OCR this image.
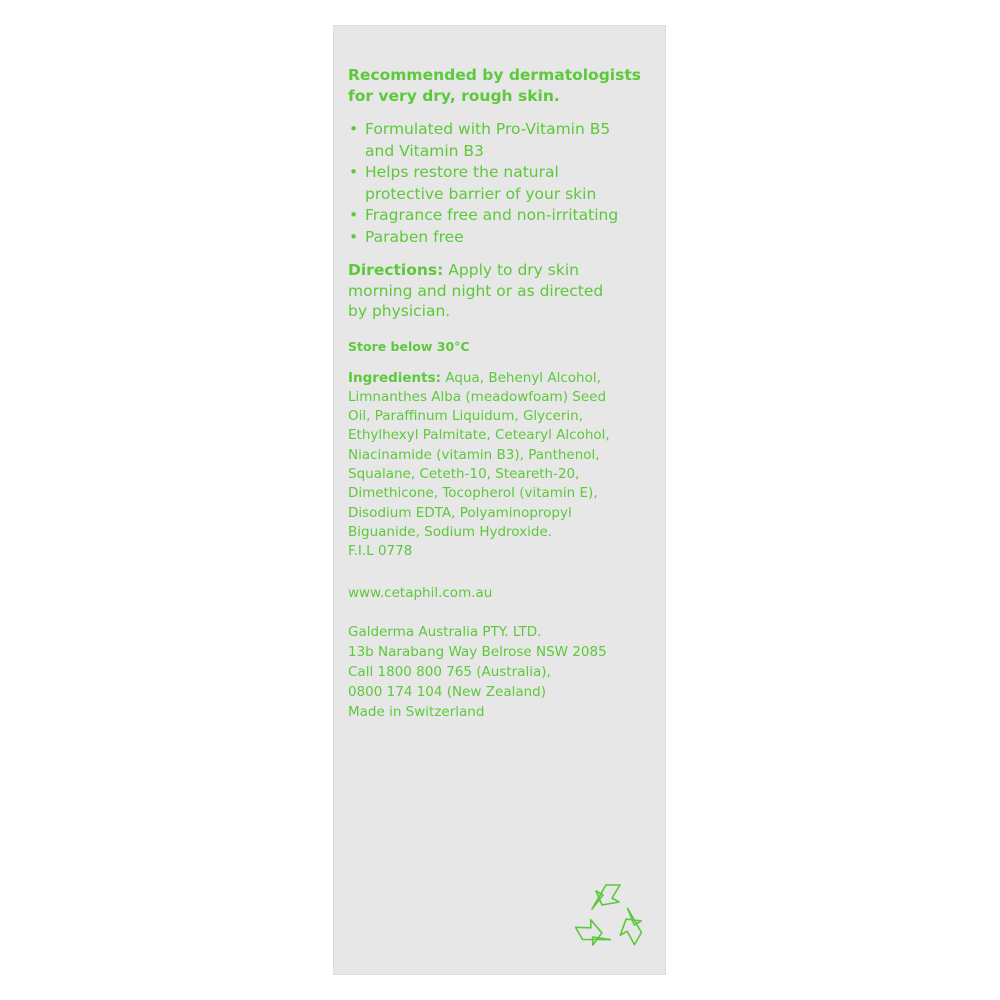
Recommended by dermatologists
for very dry, rough skin.

• Formulated with Pro-Vitamin B5
and Vitamin B3
• Helps restore the natural
protective barrier of your skin
• Fragrance free and non-irritating
• Paraben free

Directions: Apply to dry skin
morning and night or as directed
by physician.

Store below 30°C

Ingredients: Aqua, Behenyl Alcohol,
Limnanthes Alba (meadowfoam) Seed
Oil, Paraffinum Liquidum, Glycerin,
Ethylhexyl Palmitate, Cetearyl Alcohol,
Niacinamide (vitamin B3), Panthenol,
Squalane, Ceteth-10, Steareth-20,
Dimethicone, Tocopherol (vitamin E),
Disodium EDTA, Polyaminopropyl
Biguanide, Sodium Hydroxide.
F.I.L 0778

www.cetaphil.com.au

Galderma Australia PTY. LTD.
13b Narabang Way Belrose NSW 2085
Call 1800 800 765 (Australia),
0800 174 104 (New Zealand)
Made in Switzerland
